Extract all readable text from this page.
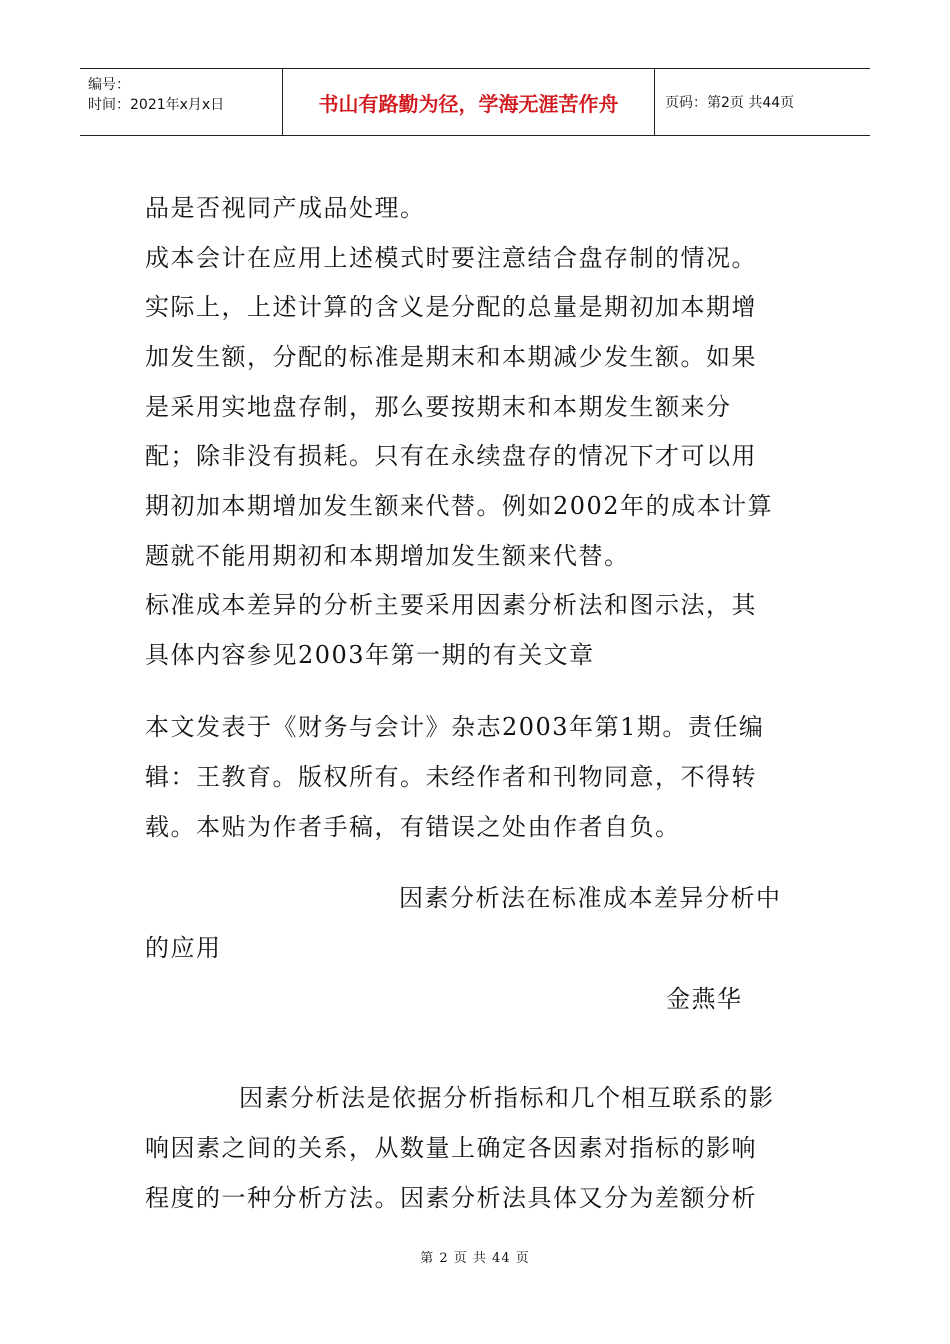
编号：
时间：2021年x月x日	书山有路勤为径，学海无涯苦作舟	页码：第2页 共44页
品是否视同产成品处理。
成本会计在应用上述模式时要注意结合盘存制的情况。
实际上，上述计算的含义是分配的总量是期初加本期增
加发生额，分配的标准是期末和本期减少发生额。如果
是采用实地盘存制，那么要按期末和本期发生额来分
配；除非没有损耗。只有在永续盘存的情况下才可以用
期初加本期增加发生额来代替。例如2002年的成本计算
题就不能用期初和本期增加发生额来代替。
标准成本差异的分析主要采用因素分析法和图示法，其
具体内容参见2003年第一期的有关文章
本文发表于《财务与会计》杂志2003年第1期。责任编
辑：王教育。版权所有。未经作者和刊物同意，不得转
载。本贴为作者手稿，有错误之处由作者自负。
因素分析法在标准成本差异分析中
的应用
金燕华
因素分析法是依据分析指标和几个相互联系的影
响因素之间的关系，从数量上确定各因素对指标的影响
程度的一种分析方法。因素分析法具体又分为差额分析
第 2 页 共 44 页
